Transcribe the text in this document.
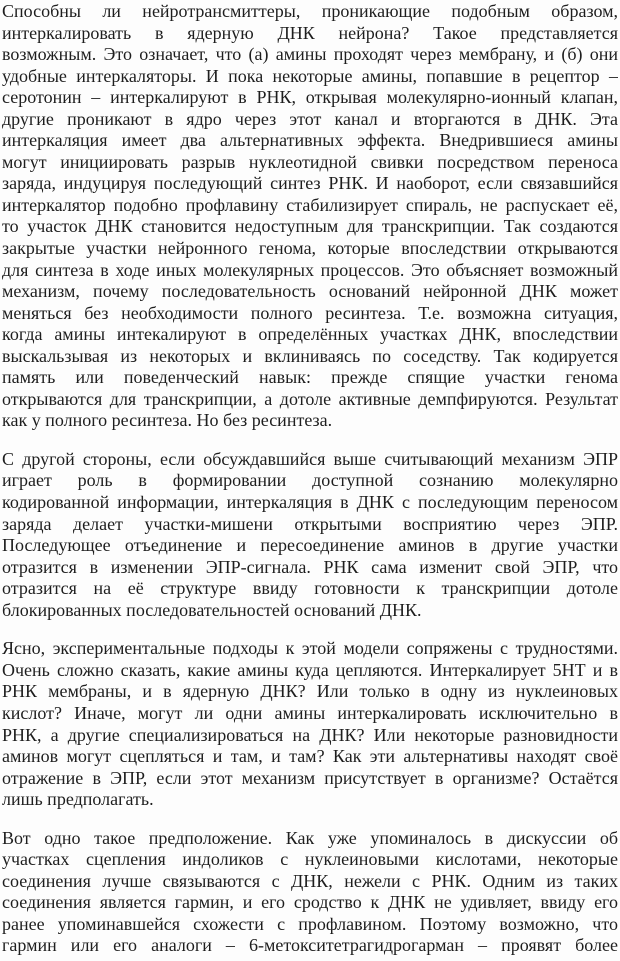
Способны ли нейротрансмиттеры, проникающие подобным образом,
интеркалировать в ядерную ДНК нейрона? Такое представляется
возможным. Это означает, что (а) амины проходят через мембрану, и (б) они
удобные интеркаляторы. И пока некоторые амины, попавшие в рецептор –
серотонин – интеркалируют в РНК, открывая молекулярно-ионный клапан,
другие проникают в ядро через этот канал и вторгаются в ДНК. Эта
интеркаляция имеет два альтернативных эффекта. Внедрившиеся амины
могут инициировать разрыв нуклеотидной свивки посредством переноса
заряда, индуцируя последующий синтез РНК. И наоборот, если связавшийся
интеркалятор подобно профлавину стабилизирует спираль, не распускает её,
то участок ДНК становится недоступным для транскрипции. Так создаются
закрытые участки нейронного генома, которые впоследствии открываются
для синтеза в ходе иных молекулярных процессов. Это объясняет возможный
механизм, почему последовательность оснований нейронной ДНК может
меняться без необходимости полного ресинтеза. Т.е. возможна ситуация,
когда амины интекалируют в определённых участках ДНК, впоследствии
выскальзывая из некоторых и вклиниваясь по соседству. Так кодируется
память или поведенческий навык: прежде спящие участки генома
открываются для транскрипции, а дотоле активные демпфируются. Результат
как у полного ресинтеза. Но без ресинтеза.

С другой стороны, если обсуждавшийся выше считывающий механизм ЭПР
играет роль в формировании доступной сознанию молекулярно
кодированной информации, интеркаляция в ДНК с последующим переносом
заряда делает участки-мишени открытыми восприятию через ЭПР.
Последующее отъединение и пересоединение аминов в другие участки
отразится в изменении ЭПР-сигнала. РНК сама изменит свой ЭПР, что
отразится на её структуре ввиду готовности к транскрипции дотоле
блокированных последовательностей оснований ДНК.

Ясно, экспериментальные подходы к этой модели сопряжены с трудностями.
Очень сложно сказать, какие амины куда цепляются. Интеркалирует 5НТ и в
РНК мембраны, и в ядерную ДНК? Или только в одну из нуклеиновых
кислот? Иначе, могут ли одни амины интеркалировать исключительно в
РНК, а другие специализироваться на ДНК? Или некоторые разновидности
аминов могут сцепляться и там, и там? Как эти альтернативы находят своё
отражение в ЭПР, если этот механизм присутствует в организме? Остаётся
лишь предполагать.

Вот одно такое предположение. Как уже упоминалось в дискуссии об
участках сцепления индоликов с нуклеиновыми кислотами, некоторые
соединения лучше связываются с ДНК, нежели с РНК. Одним из таких
соединения является гармин, и его сродство к ДНК не удивляет, ввиду его
ранее упоминавшейся схожести с профлавином. Поэтому возможно, что
гармин или его аналоги – 6-метокситетрагидрогарман – проявят более
